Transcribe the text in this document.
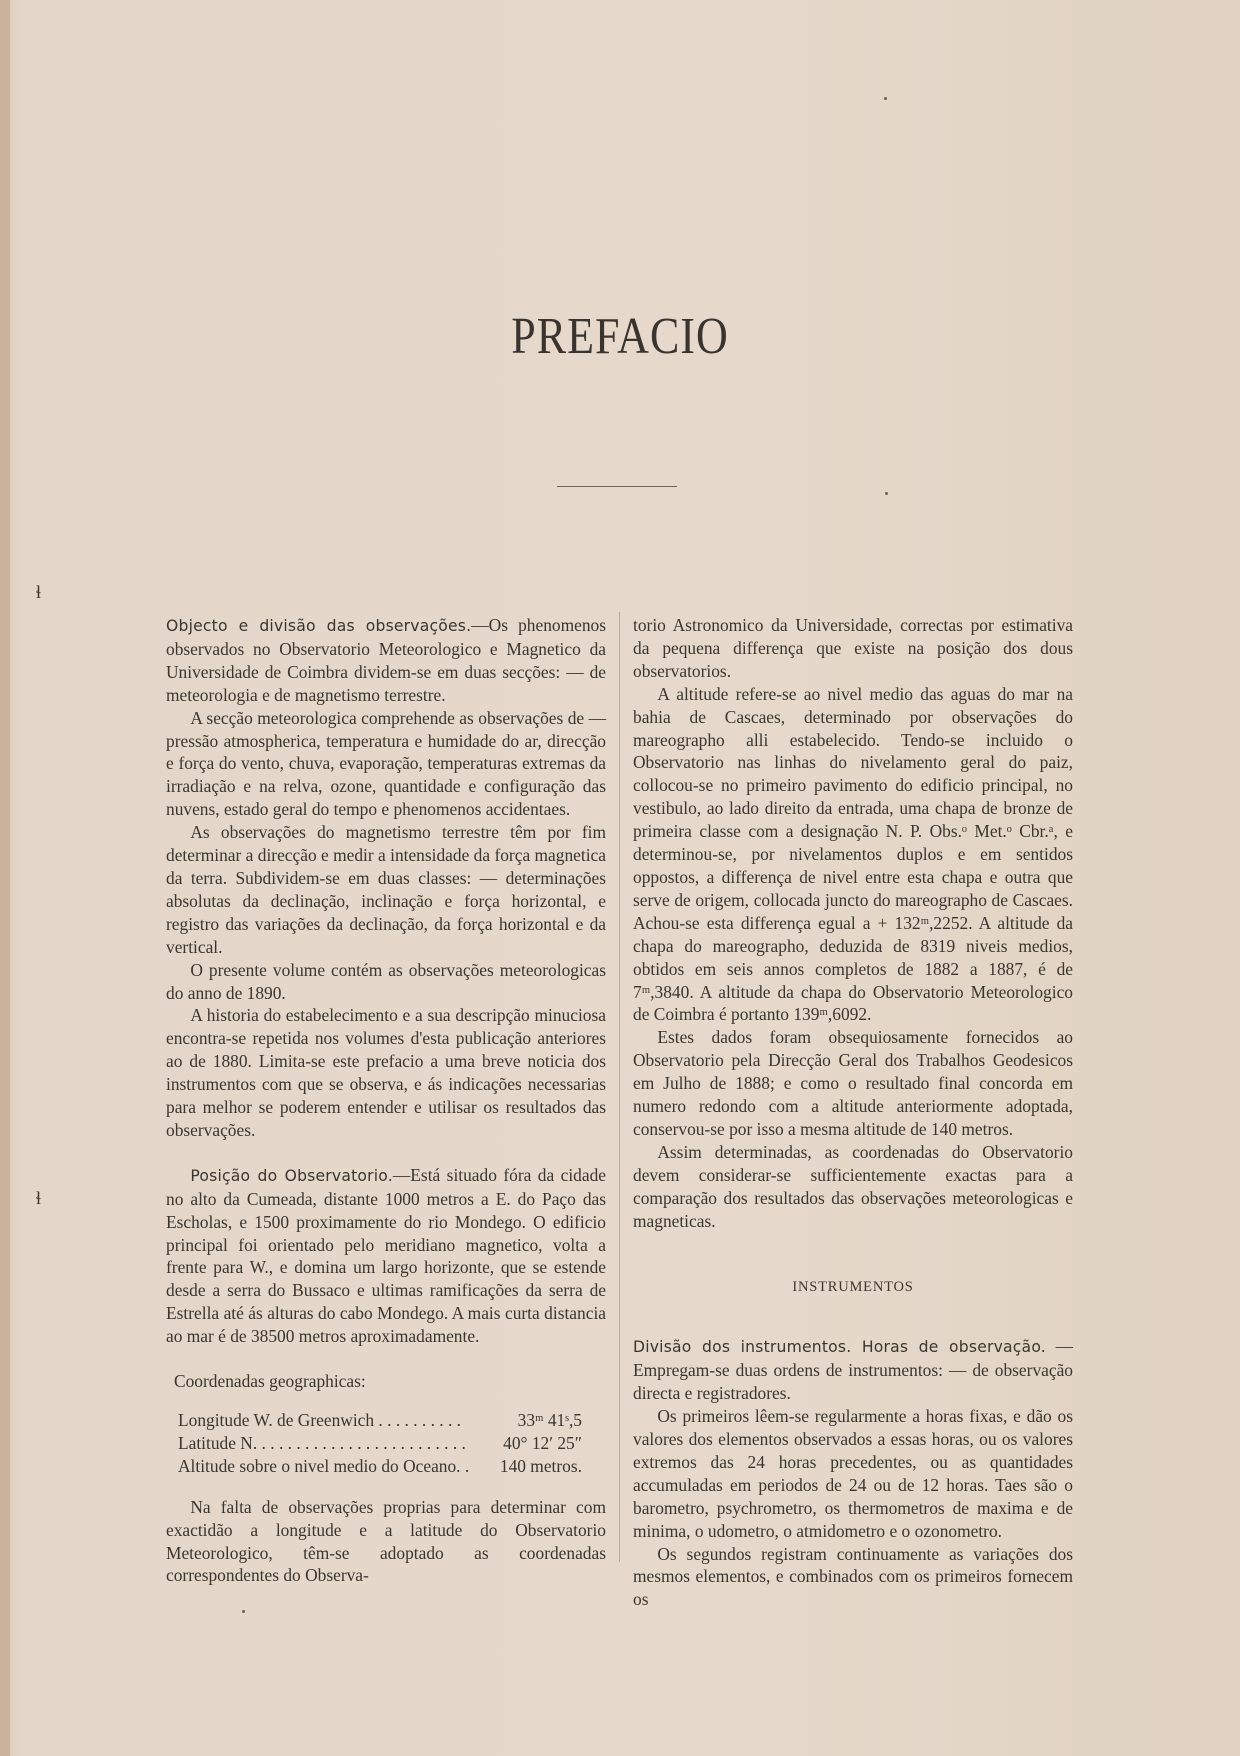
PREFACIO
ɬ
ɬ

Objecto e divisão das observações.—Os phenomenos observados no Observatorio Meteorologico e Magnetico da Universidade de Coimbra dividem-se em duas secções: — de meteorologia e de magnetismo terrestre.

A secção meteorologica comprehende as observações de — pressão atmospherica, temperatura e humidade do ar, direcção e força do vento, chuva, evaporação, temperaturas extremas da irradiação e na relva, ozone, quantidade e configuração das nuvens, estado geral do tempo e phenomenos accidentaes.

As observações do magnetismo terrestre têm por fim determinar a direcção e medir a intensidade da força magnetica da terra. Subdividem-se em duas classes: — determinações absolutas da declinação, inclinação e força horizontal, e registro das variações da declinação, da força horizontal e da vertical.

O presente volume contém as observações meteorologicas do anno de 1890.

A historia do estabelecimento e a sua descripção minuciosa encontra-se repetida nos volumes d'esta publicação anteriores ao de 1880. Limita-se este prefacio a uma breve noticia dos instrumentos com que se observa, e ás indicações necessarias para melhor se poderem entender e utilisar os resultados das observações.

Posição do Observatorio.—Está situado fóra da cidade no alto da Cumeada, distante 1000 metros a E. do Paço das Escholas, e 1500 proximamente do rio Mondego. O edificio principal foi orientado pelo meridiano magnetico, volta a frente para W., e domina um largo horizonte, que se estende desde a serra do Bussaco e ultimas ramificações da serra de Estrella até ás alturas do cabo Mondego. A mais curta distancia ao mar é de 38500 metros aproximadamente.

Coordenadas geographicas:
Longitude W. de Greenwich . . . . . . . . . .	33ᵐ 41ˢ,5
Latitude N. . . . . . . . . . . . . . . . . . . . . . . . . 40° 12′ 25″
Altitude sobre o nivel medio do Oceano. . 140 metros.

Na falta de observações proprias para determinar com exactidão a longitude e a latitude do Observatorio Meteorologico, têm-se adoptado as coordenadas correspondentes do Observa-

torio Astronomico da Universidade, correctas por estimativa da pequena differença que existe na posição dos dous observatorios.

A altitude refere-se ao nivel medio das aguas do mar na bahia de Cascaes, determinado por observações do mareographo alli estabelecido. Tendo-se incluido o Observatorio nas linhas do nivelamento geral do paiz, collocou-se no primeiro pavimento do edificio principal, no vestibulo, ao lado direito da entrada, uma chapa de bronze de primeira classe com a designação N. P. Obs.ᵒ Met.ᵒ Cbr.ᵃ, e determinou-se, por nivelamentos duplos e em sentidos oppostos, a differença de nivel entre esta chapa e outra que serve de origem, collocada juncto do mareographo de Cascaes. Achou-se esta differença egual a + 132ᵐ,2252. A altitude da chapa do mareographo, deduzida de 8319 niveis medios, obtidos em seis annos completos de 1882 a 1887, é de 7ᵐ,3840. A altitude da chapa do Observatorio Meteorologico de Coimbra é portanto 139ᵐ,6092.

Estes dados foram obsequiosamente fornecidos ao Observatorio pela Direcção Geral dos Trabalhos Geodesicos em Julho de 1888; e como o resultado final concorda em numero redondo com a altitude anteriormente adoptada, conservou-se por isso a mesma altitude de 140 metros.

Assim determinadas, as coordenadas do Observatorio devem considerar-se sufficientemente exactas para a comparação dos resultados das observações meteorologicas e magneticas.

INSTRUMENTOS

Divisão dos instrumentos. Horas de observação. — Empregam-se duas ordens de instrumentos: — de observação directa e registradores.

Os primeiros lêem-se regularmente a horas fixas, e dão os valores dos elementos observados a essas horas, ou os valores extremos das 24 horas precedentes, ou as quantidades accumuladas em periodos de 24 ou de 12 horas. Taes são o barometro, psychrometro, os thermometros de maxima e de minima, o udometro, o atmidometro e o ozonometro.

Os segundos registram continuamente as variações dos mesmos elementos, e combinados com os primeiros fornecem os
